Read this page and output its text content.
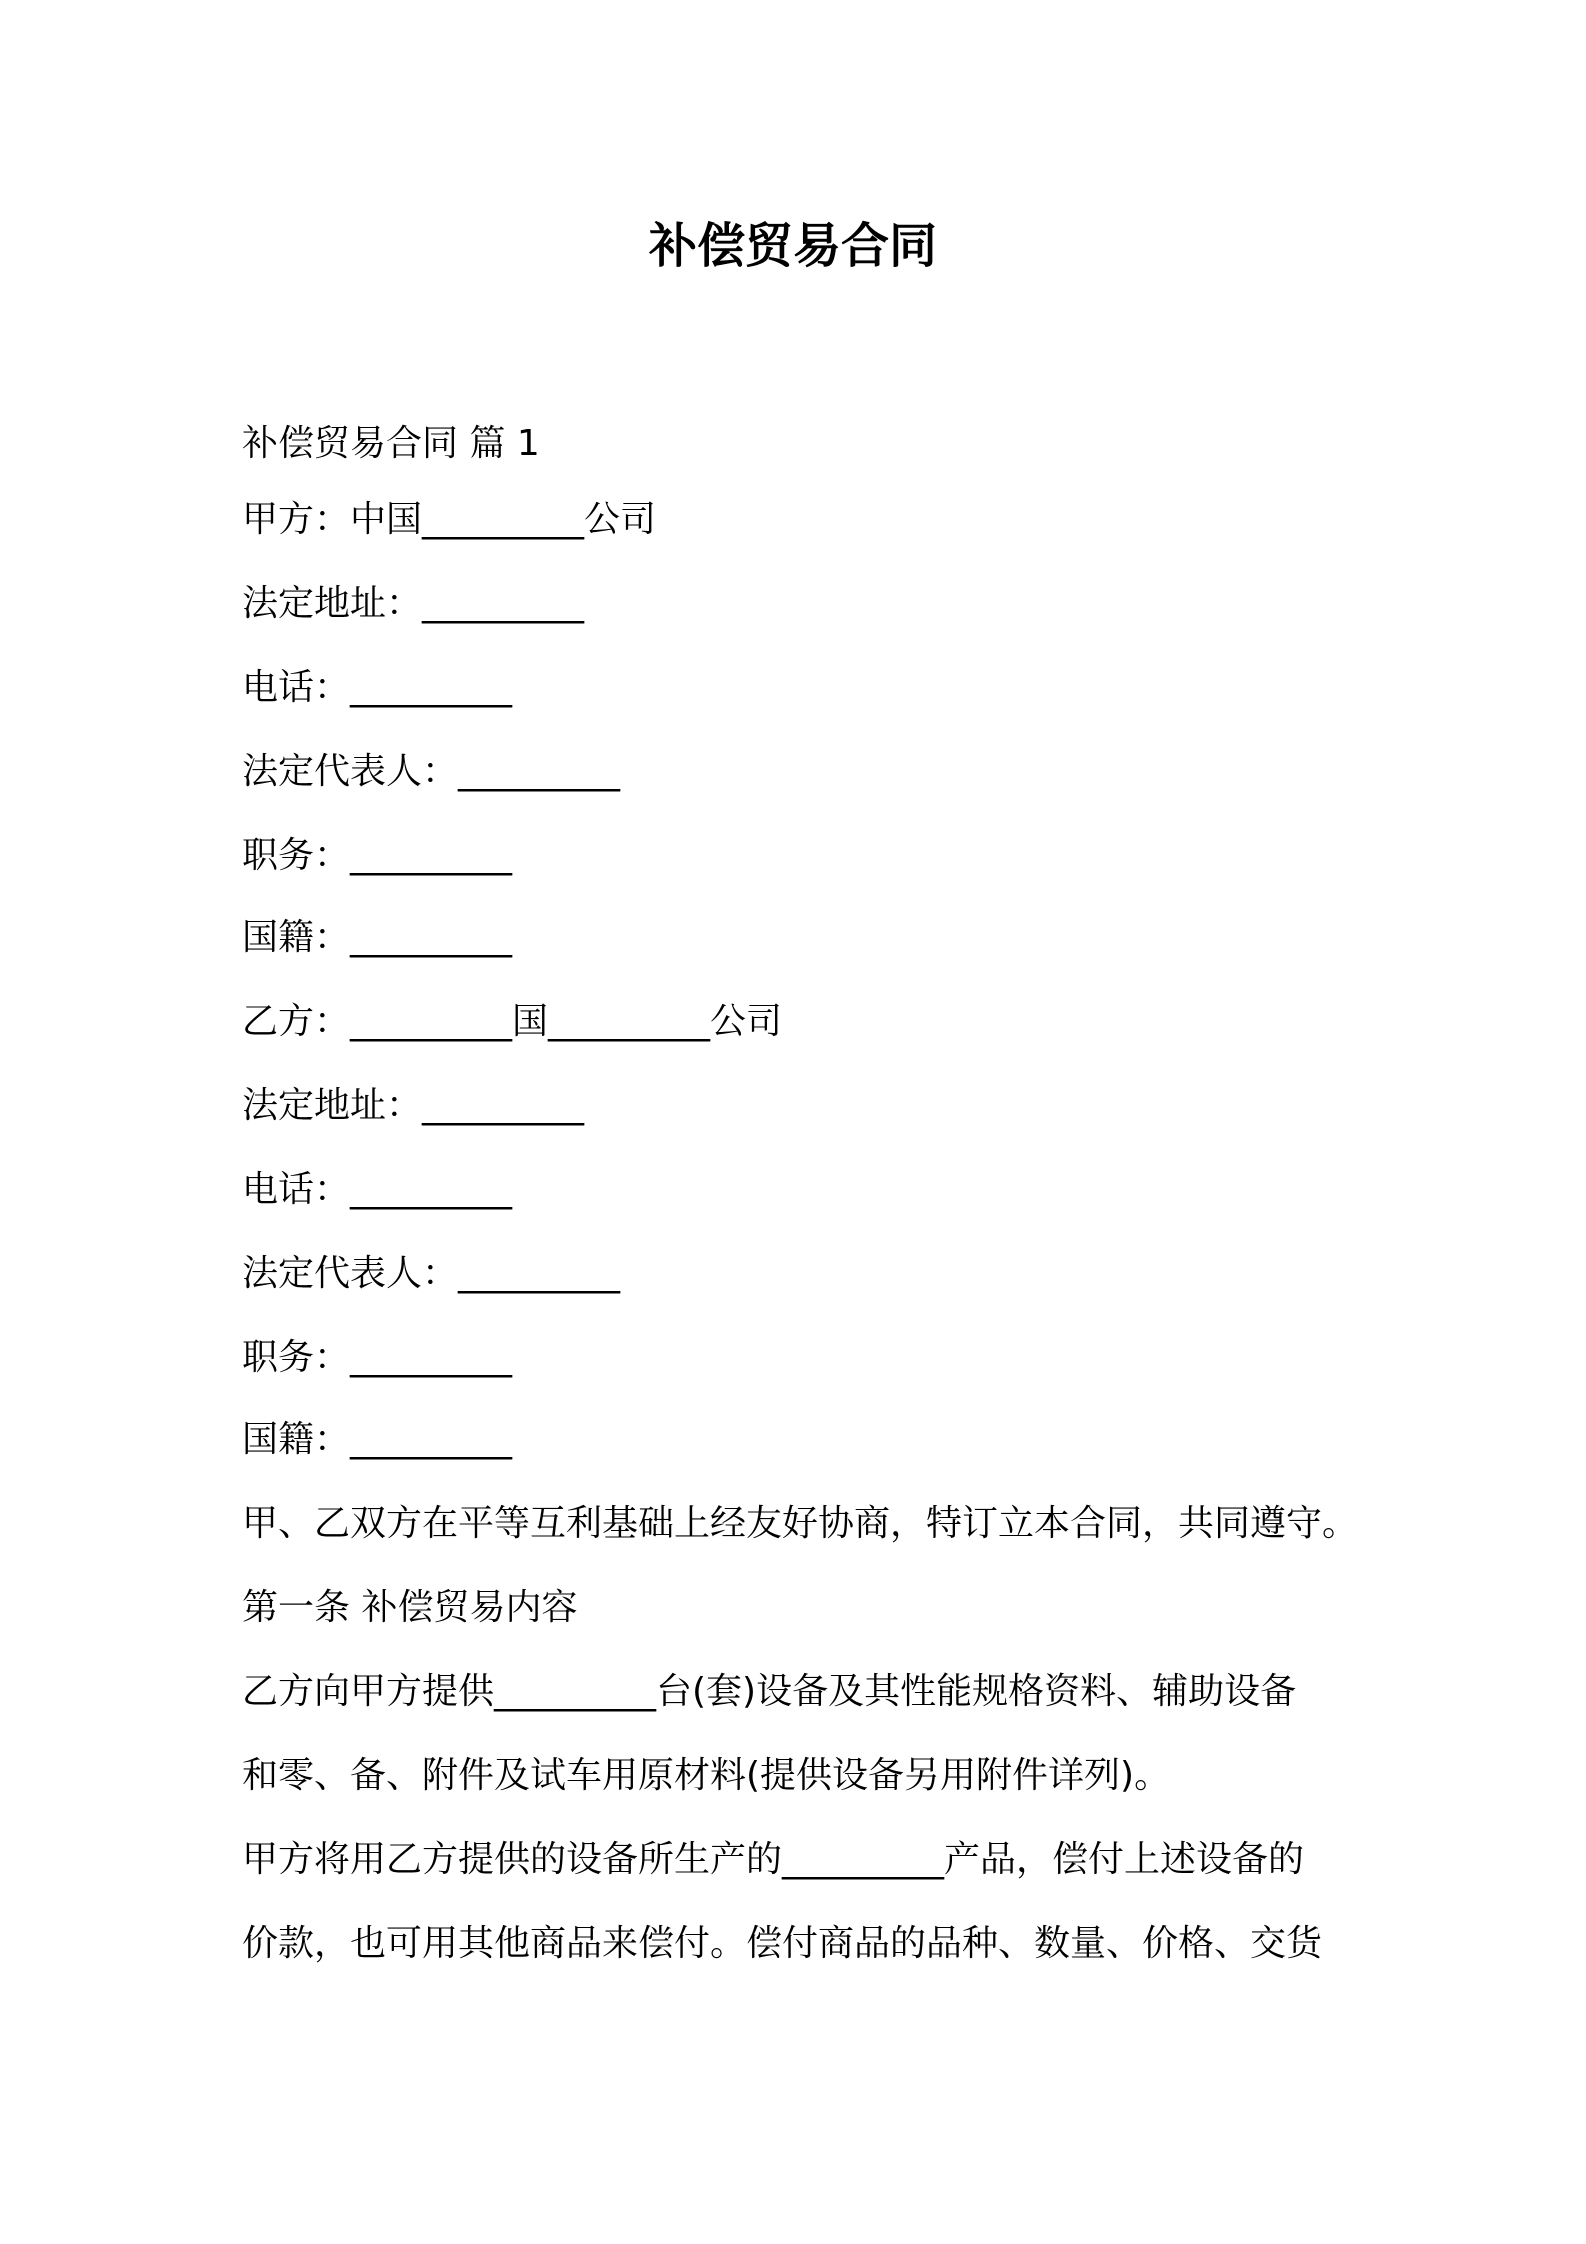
补偿贸易合同

补偿贸易合同 篇 1

甲方：中国_________公司

法定地址：_________

电话：_________

法定代表人：_________

职务：_________

国籍：_________

乙方：_________国_________公司

法定地址：_________

电话：_________

法定代表人：_________

职务：_________

国籍：_________

甲、乙双方在平等互利基础上经友好协商，特订立本合同，共同遵守。

第一条 补偿贸易内容

乙方向甲方提供_________台(套)设备及其性能规格资料、辅助设备

和零、备、附件及试车用原材料(提供设备另用附件详列)。

甲方将用乙方提供的设备所生产的_________产品，偿付上述设备的

价款，也可用其他商品来偿付。偿付商品的品种、数量、价格、交货
